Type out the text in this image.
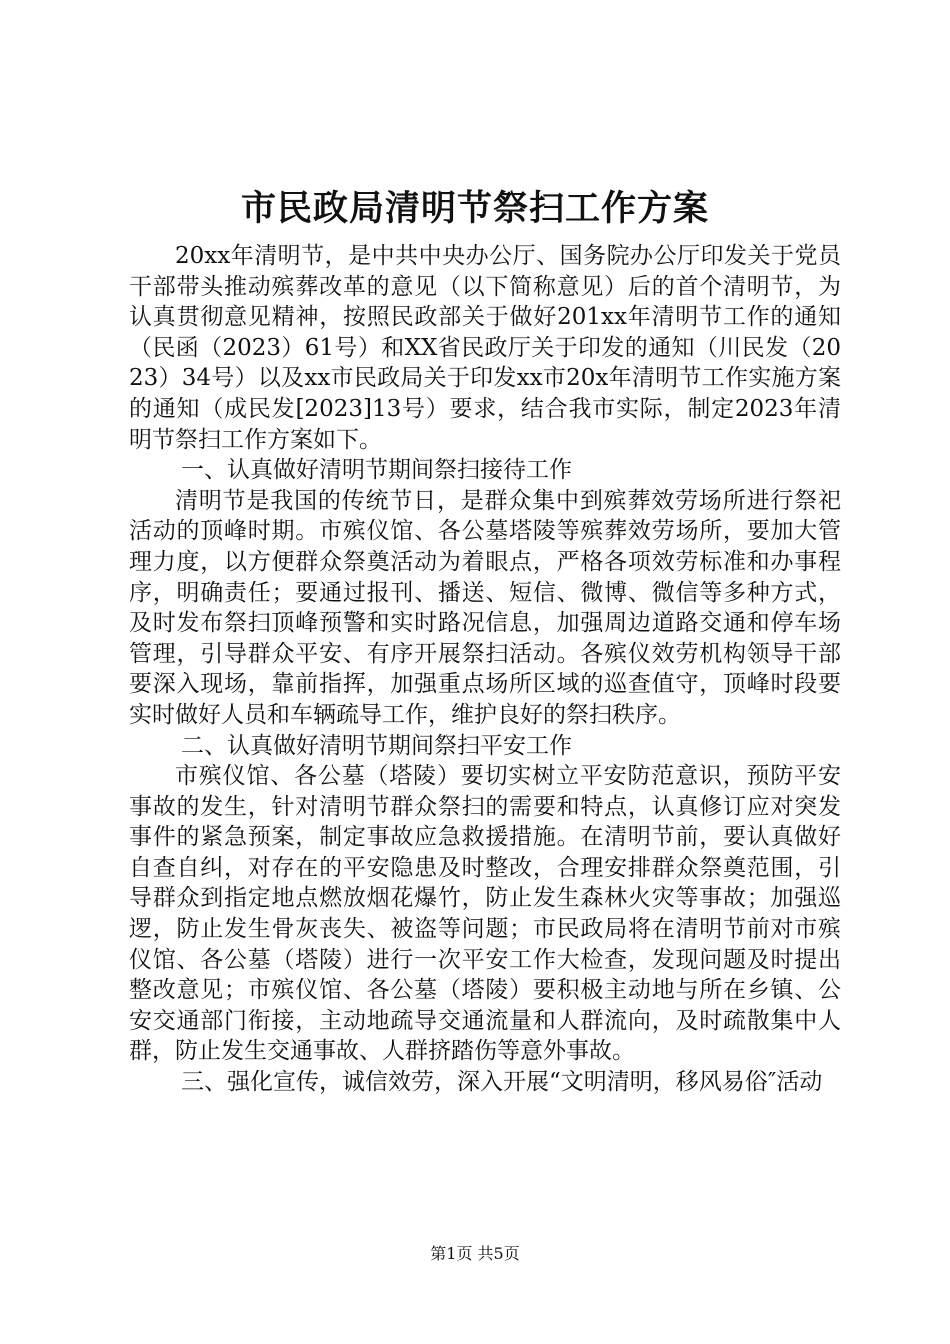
市民政局清明节祭扫工作方案

20xx年清明节，是中共中央办公厅、国务院办公厅印发关于党员干部带头推动殡葬改革的意见（以下简称意见）后的首个清明节，为认真贯彻意见精神，按照民政部关于做好201xx年清明节工作的通知（民函（2023）61号）和XX省民政厅关于印发的通知（川民发（2023）34号）以及xx市民政局关于印发xx市20x年清明节工作实施方案的通知（成民发[2023]13号）要求，结合我市实际，制定2023年清明节祭扫工作方案如下。

一、认真做好清明节期间祭扫接待工作

清明节是我国的传统节日，是群众集中到殡葬效劳场所进行祭祀活动的顶峰时期。市殡仪馆、各公墓塔陵等殡葬效劳场所，要加大管理力度，以方便群众祭奠活动为着眼点，严格各项效劳标准和办事程序，明确责任；要通过报刊、播送、短信、微博、微信等多种方式，及时发布祭扫顶峰预警和实时路况信息，加强周边道路交通和停车场管理，引导群众平安、有序开展祭扫活动。各殡仪效劳机构领导干部要深入现场，靠前指挥，加强重点场所区域的巡查值守，顶峰时段要实时做好人员和车辆疏导工作，维护良好的祭扫秩序。

二、认真做好清明节期间祭扫平安工作

市殡仪馆、各公墓（塔陵）要切实树立平安防范意识，预防平安事故的发生，针对清明节群众祭扫的需要和特点，认真修订应对突发事件的紧急预案，制定事故应急救援措施。在清明节前，要认真做好自查自纠，对存在的平安隐患及时整改，合理安排群众祭奠范围，引导群众到指定地点燃放烟花爆竹，防止发生森林火灾等事故；加强巡逻，防止发生骨灰丧失、被盗等问题；市民政局将在清明节前对市殡仪馆、各公墓（塔陵）进行一次平安工作大检查，发现问题及时提出整改意见；市殡仪馆、各公墓（塔陵）要积极主动地与所在乡镇、公安交通部门衔接，主动地疏导交通流量和人群流向，及时疏散集中人群，防止发生交通事故、人群挤踏伤等意外事故。

三、强化宣传，诚信效劳，深入开展“文明清明，移风易俗″活动

第1页 共5页
